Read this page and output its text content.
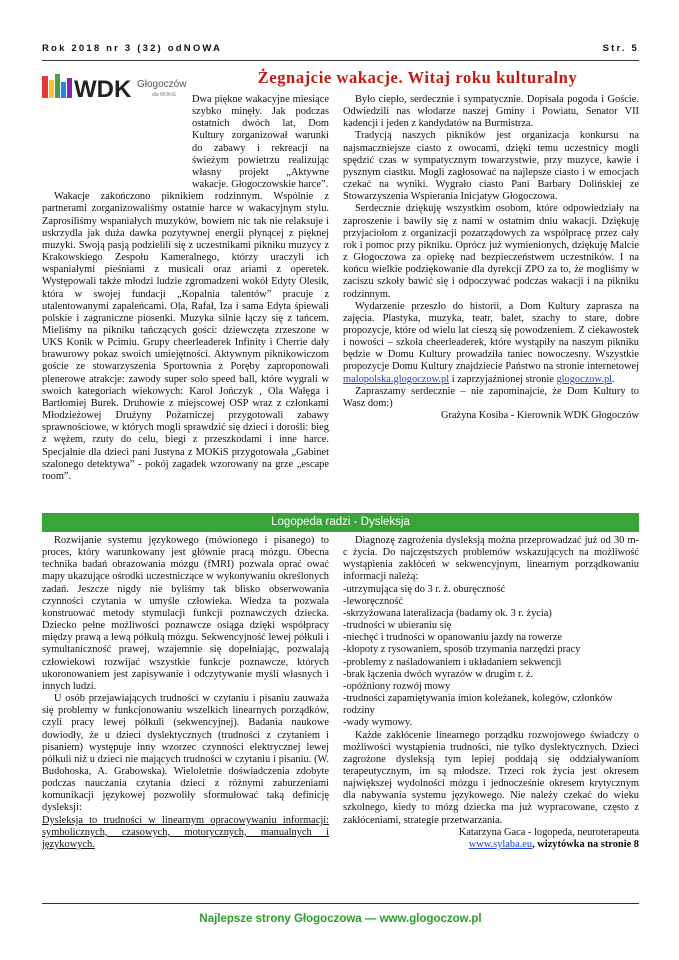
Rok 2018 nr 3 (32) odNOWA	Str. 5
WDK Głogoczów
dla MOKiS
Żegnajcie wakacje. Witaj roku kulturalny

Dwa piękne wakacyjne miesiące szybko minęły. Jak podczas ostatnich dwóch lat, Dom Kultury zorganizował warunki do zabawy i rekreacji na świeżym powietrzu realizując własny projekt „Aktywne wakacje. Głogoczowskie harce”.

Wakacje zakończono piknikiem rodzinnym. Wspólnie z partnerami zorganizowaliśmy ostatnie harce w wakacyjnym stylu. Zaprosiliśmy wspaniałych muzyków, bowiem nic tak nie relaksuje i uskrzydla jak duża dawka pozytywnej energii płynącej z pięknej muzyki. Swoją pasją podzielili się z uczestnikami pikniku muzycy z Krakowskiego Zespołu Kameralnego, którzy uraczyli ich wspaniałymi pieśniami z musicali oraz ariami z operetek. Występowali także młodzi ludzie zgromadzeni wokół Edyty Olesik, która w swojej fundacji „Kopalnia talentów” pracuje z utalentowanymi zapaleńcami. Ola, Rafał, Iza i sama Edyta śpiewali polskie i zagraniczne piosenki. Muzyka silnie łączy się z tańcem. Mieliśmy na pikniku tańczących gości: dziewczęta zrzeszone w UKS Konik w Pcimiu. Grupy cheerleaderek Infinity i Cherrie dały brawurowy pokaz swoich umiejętności. Aktywnym piknikowiczom goście ze stowarzyszenia Sportownia z Poręby zaproponowali plenerowe atrakcje: zawody super solo speed ball, które wygrali w swoich kategoriach wiekowych: Karol Jończyk , Ola Wałęga i Bartłomiej Burek. Druhowie z miejscowej OSP wraz z członkami Młodzieżowej Drużyny Pożarniczej przygotowali zabawy sprawnościowe, w których mogli sprawdzić się dzieci i dorośli: bieg z wężem, rzuty do celu, biegi z przeszkodami i inne harce. Specjalnie dla dzieci pani Justyna z MOKiS przygotowała „Gabinet szalonego detektywa” - pokój zagadek wzorowany na grze „escape room”.

Było ciepło, serdecznie i sympatycznie. Dopisała pogoda i Goście. Odwiedzili nas włodarze naszej Gminy i Powiatu, Senator VII kadencji i jeden z kandydatów na Burmistrza.

Tradycją naszych pikników jest organizacja konkursu na najsmaczniejsze ciasto z owocami, dzięki temu uczestnicy mogli spędzić czas w sympatycznym towarzystwie, przy muzyce, kawie i pysznym ciastku. Mogli zagłosować na najlepsze ciasto i w emocjach czekać na wyniki. Wygrało ciasto Pani Barbary Dolińskiej ze Stowarzyszenia Wspierania Inicjatyw Głogoczowa.

Serdecznie dziękuję wszystkim osobom, które odpowiedziały na zaproszenie i bawiły się z nami w ostatnim dniu wakacji. Dziękuję przyjaciołom z organizacji pozarządowych za współpracę przez cały rok i pomoc przy pikniku. Oprócz już wymienionych, dziękuję Malcie z Głogoczowa za opiekę nad bezpieczeństwem uczestników. I na końcu wielkie podziękowanie dla dyrekcji ZPO za to, że mogliśmy w zaciszu szkoły bawić się i odpoczywać podczas wakacji i na pikniku rodzinnym.

Wydarzenie przeszło do historii, a Dom Kultury zaprasza na zajęcia. Plastyka, muzyka, teatr, balet, szachy to stare, dobre propozycje, które od wielu lat cieszą się powodzeniem. Z ciekawostek i nowości – szkoła cheerleaderek, które wystąpiły na naszym pikniku będzie w Domu Kultury prowadziła taniec nowoczesny. Wszystkie propozycje Domu Kultury znajdziecie Państwo na stronie internetowej malopolska.glogoczow.pl i zaprzyjaźnionej stronie glogoczow.pl.

Zapraszamy serdecznie – nie zapominajcie, że Dom Kultury to Wasz dom:)

Grażyna Kosiba - Kierownik WDK Głogoczów

Logopeda radzi - Dysleksja

Rozwijanie systemu językowego (mówionego i pisanego) to proces, który warunkowany jest głównie pracą mózgu. Obecna technika badań obrazowania mózgu (fMRI) pozwala oprać ować mapy ukazujące ośrodki uczestniczące w wykonywaniu określonych zadań. Jeszcze nigdy nie byliśmy tak blisko obserwowania czynności czytania w umyśle człowieka. Wiedza ta pozwala konstruować metody stymulacji funkcji poznawczych dziecka. Dziecko pełne możliwości poznawcze osiąga dzięki współpracy między prawą a lewą półkulą mózgu. Sekwencyjność lewej półkuli i symultaniczność prawej, wzajemnie się dopełniając, pozwalają człowiekowi rozwijać wszystkie funkcje poznawcze, których ukoronowaniem jest zapisywanie i odczytywanie myśli własnych i innych ludzi.

U osób przejawiających trudności w czytaniu i pisaniu zauważa się problemy w funkcjonowaniu wszelkich linearnych porządków, czyli pracy lewej półkuli (sekwencyjnej). Badania naukowe dowiodły, że u dzieci dyslektycznych (trudności z czytaniem i pisaniem) występuje inny wzorzec czynności elektrycznej lewej półkuli niż u dzieci nie mających trudności w czytaniu i pisaniu. (W. Budohoska, A. Grabowska). Wieloletnie doświadczenia zdobyte podczas nauczania czytania dzieci z różnymi zaburzeniami komunikacji językowej pozwoliły sformułować taką definicję dysleksji:

Dysleksja to trudności w linearnym opracowywaniu informacji: symbolicznych, czasowych, motorycznych, manualnych i językowych.

Diagnozę zagrożenia dysleksją można przeprowadzać już od 30 m-c życia. Do najczęstszych problemów wskazujących na możliwość wystąpienia zakłóceń w sekwencyjnym, linearnym porządkowaniu informacji należą:

-utrzymująca się do 3 r. ż. oburęczność
-leworęczność
-skrzyżowana lateralizacja (badamy ok. 3 r. życia)
-trudności w ubieraniu się
-niechęć i trudności w opanowaniu jazdy na rowerze
-kłopoty z rysowaniem, sposób trzymania narzędzi pracy
-problemy z naśladowaniem i układaniem sekwencji
-brak łączenia dwóch wyrazów w drugim r. ż.
-opóźniony rozwój mowy
-trudności zapamiętywania imion koleżanek, kolegów, członków rodziny
-wady wymowy.

Każde zakłócenie linearnego porządku rozwojowego świadczy o możliwości wystąpienia trudności, nie tylko dyslektycznych. Dzieci zagrożone dysleksją tym lepiej poddają się oddziaływaniom terapeutycznym, im są młodsze. Trzeci rok życia jest okresem największej wydolności mózgu i jednocześnie okresem krytycznym dla nabywania systemu językowego. Nie należy czekać do wieku szkolnego, kiedy to mózg dziecka ma już wypracowane, często z zakłóceniami, strategie przetwarzania.

Katarzyna Gaca - logopeda, neuroterapeuta

www.sylaba.eu, wizytówka na stronie 8

Najlepsze strony Głogoczowa — www.glogoczow.pl
